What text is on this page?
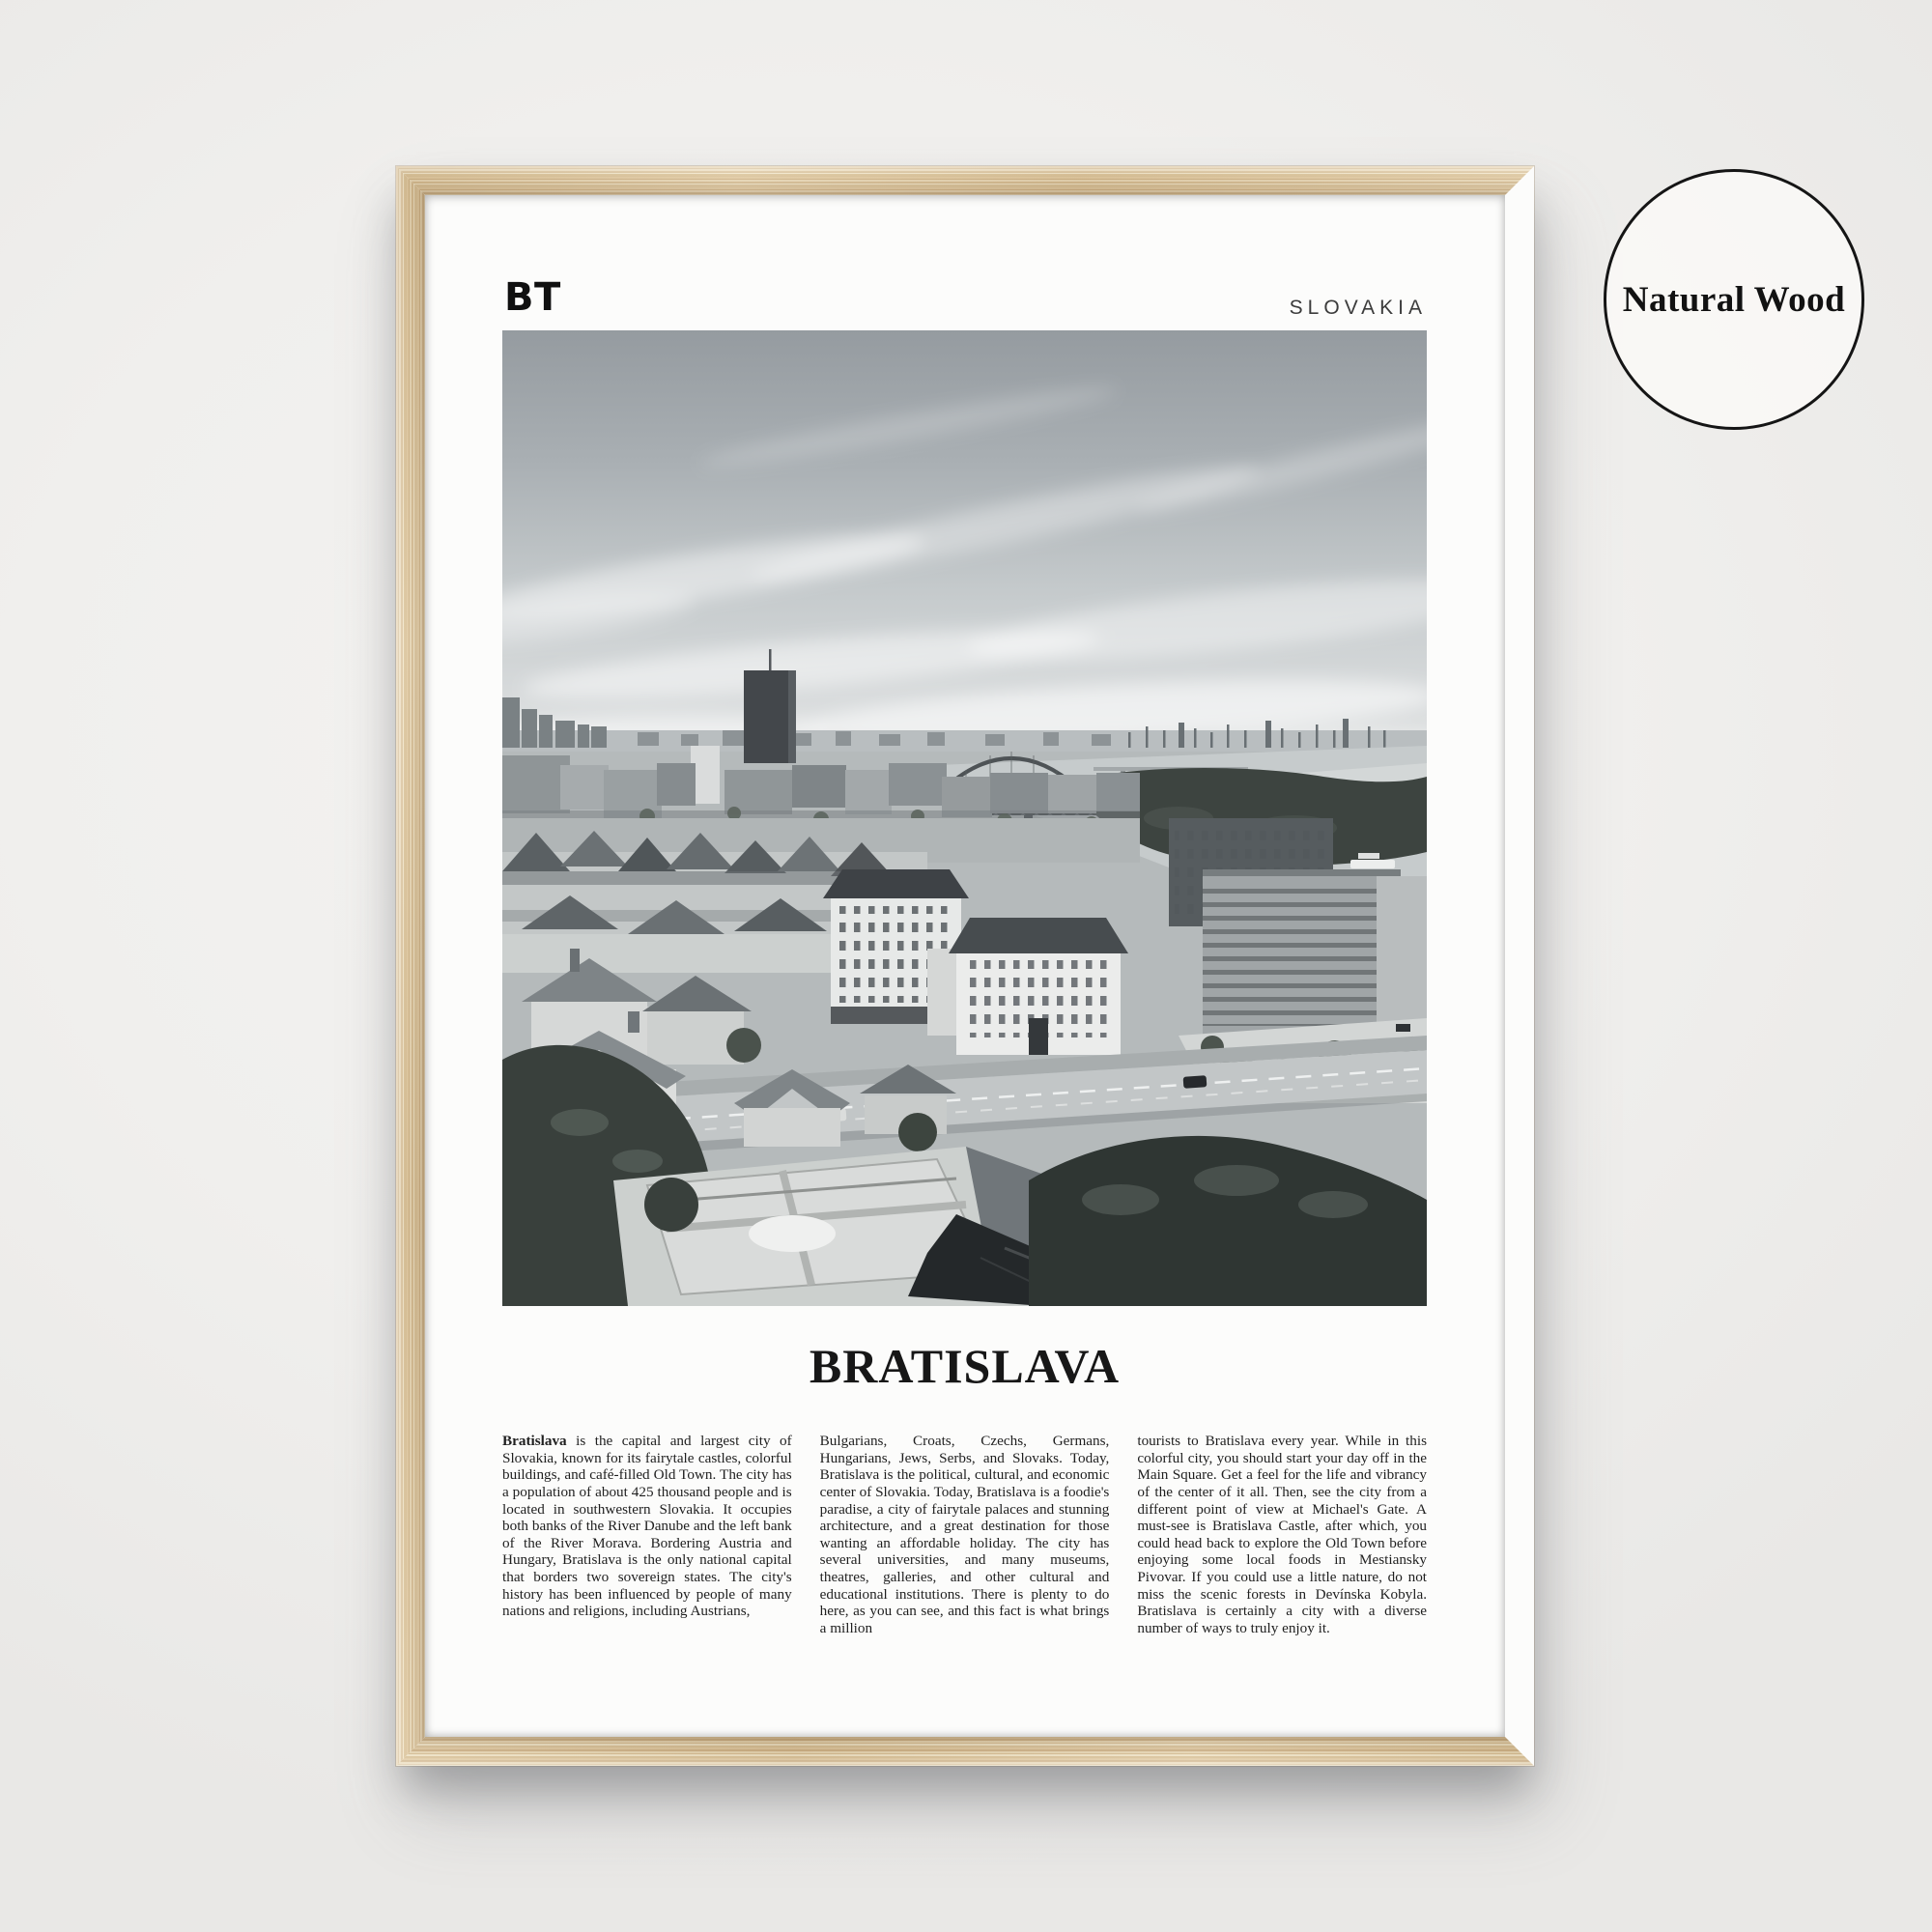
BT	SLOVAKIA
BRATISLAVA

Bratislava is the capital and largest city of Slovakia, known for its fairytale castles, colorful buildings, and café-filled Old Town. The city has a population of about 425 thousand people and is located in southwestern Slovakia. It occupies both banks of the River Danube and the left bank of the River Morava. Bordering Austria and Hungary, Bratislava is the only national capital that borders two sovereign states. The city's history has been influenced by people of many nations and religions, including Austrians,

Bulgarians, Croats, Czechs, Germans, Hungarians, Jews, Serbs, and Slovaks. Today, Bratislava is the political, cultural, and economic center of Slovakia. Today, Bratislava is a foodie's paradise, a city of fairytale palaces and stunning architecture, and a great destination for those wanting an affordable holiday. The city has several universities, and many museums, theatres, galleries, and other cultural and educational institutions. There is plenty to do here, as you can see, and this fact is what brings a million

tourists to Bratislava every year. While in this colorful city, you should start your day off in the Main Square. Get a feel for the life and vibrancy of the center of it all. Then, see the city from a different point of view at Michael's Gate. A must-see is Bratislava Castle, after which, you could head back to explore the Old Town before enjoying some local foods in Mestiansky Pivovar. If you could use a little nature, do not miss the scenic forests in Devínska Kobyla. Bratislava is certainly a city with a diverse number of ways to truly enjoy it.

Natural Wood
